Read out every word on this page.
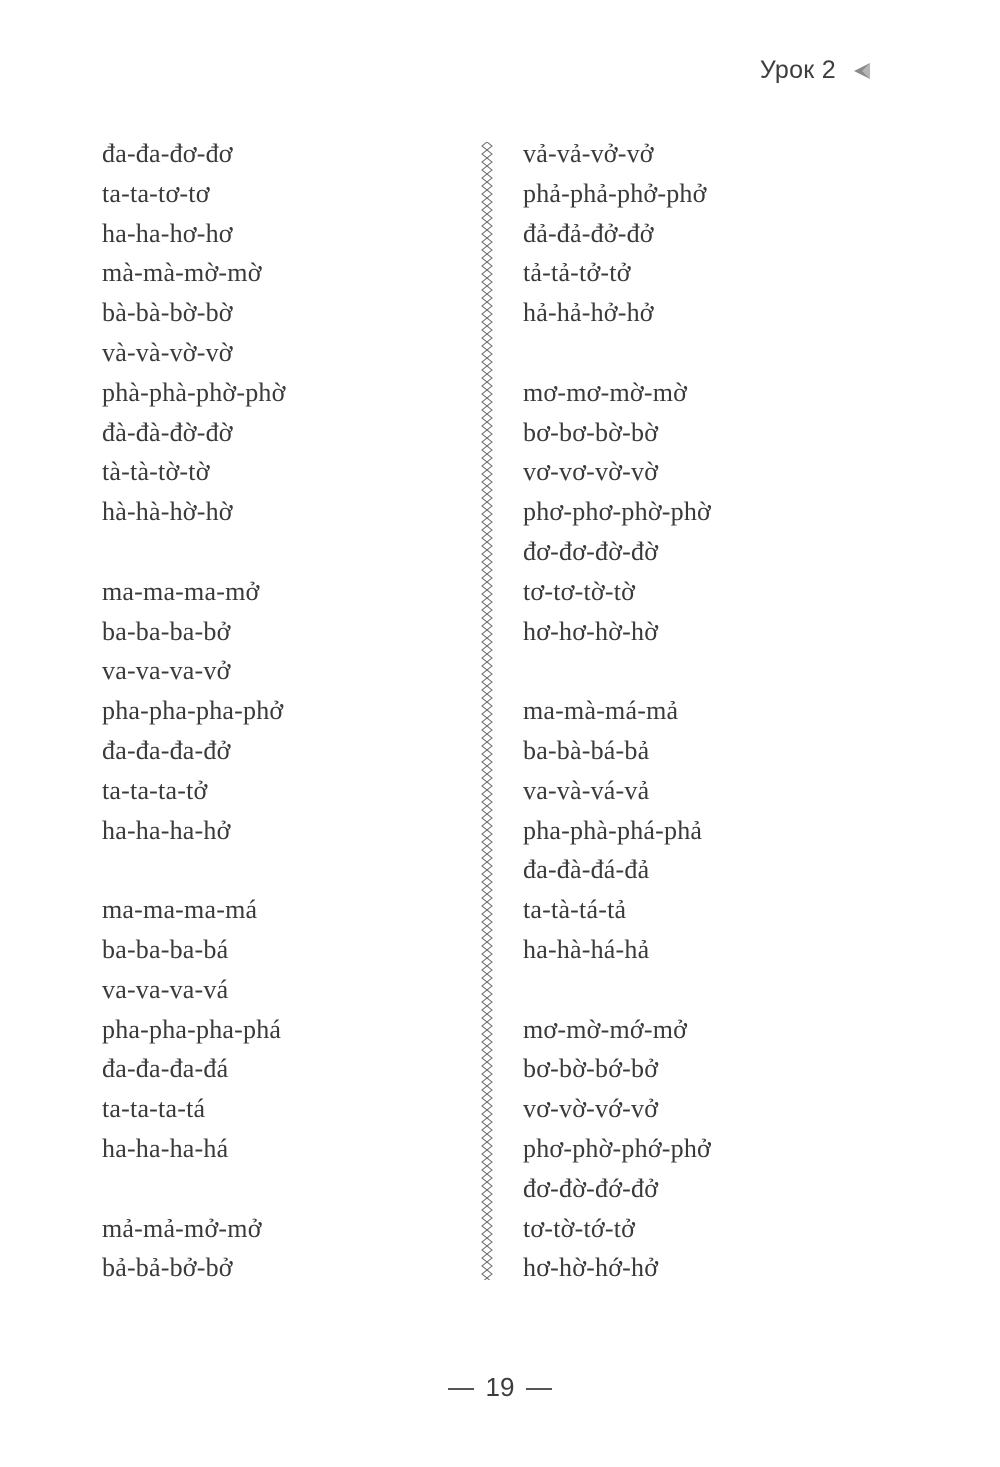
Урок 2
đa-đa-đơ-đơ
ta-ta-tơ-tơ
ha-ha-hơ-hơ
mà-mà-mờ-mờ
bà-bà-bờ-bờ
và-và-vờ-vờ
phà-phà-phờ-phờ
đà-đà-đờ-đờ
tà-tà-tờ-tờ
hà-hà-hờ-hờ
ma-ma-ma-mở
ba-ba-ba-bở
va-va-va-vở
pha-pha-pha-phở
đa-đa-đa-đở
ta-ta-ta-tở
ha-ha-ha-hở
ma-ma-ma-má
ba-ba-ba-bá
va-va-va-vá
pha-pha-pha-phá
đa-đa-đa-đá
ta-ta-ta-tá
ha-ha-ha-há
mả-mả-mở-mở
bả-bả-bở-bở
vả-vả-vở-vở
phả-phả-phở-phở
đả-đả-đở-đở
tả-tả-tở-tở
hả-hả-hở-hở
mơ-mơ-mờ-mờ
bơ-bơ-bờ-bờ
vơ-vơ-vờ-vờ
phơ-phơ-phờ-phờ
đơ-đơ-đờ-đờ
tơ-tơ-tờ-tờ
hơ-hơ-hờ-hờ
ma-mà-má-mả
ba-bà-bá-bả
va-và-vá-vả
pha-phà-phá-phả
đa-đà-đá-đả
ta-tà-tá-tả
ha-hà-há-hả
mơ-mờ-mớ-mở
bơ-bờ-bớ-bở
vơ-vờ-vớ-vở
phơ-phờ-phớ-phở
đơ-đờ-đớ-đở
tơ-tờ-tớ-tở
hơ-hờ-hớ-hở
19
